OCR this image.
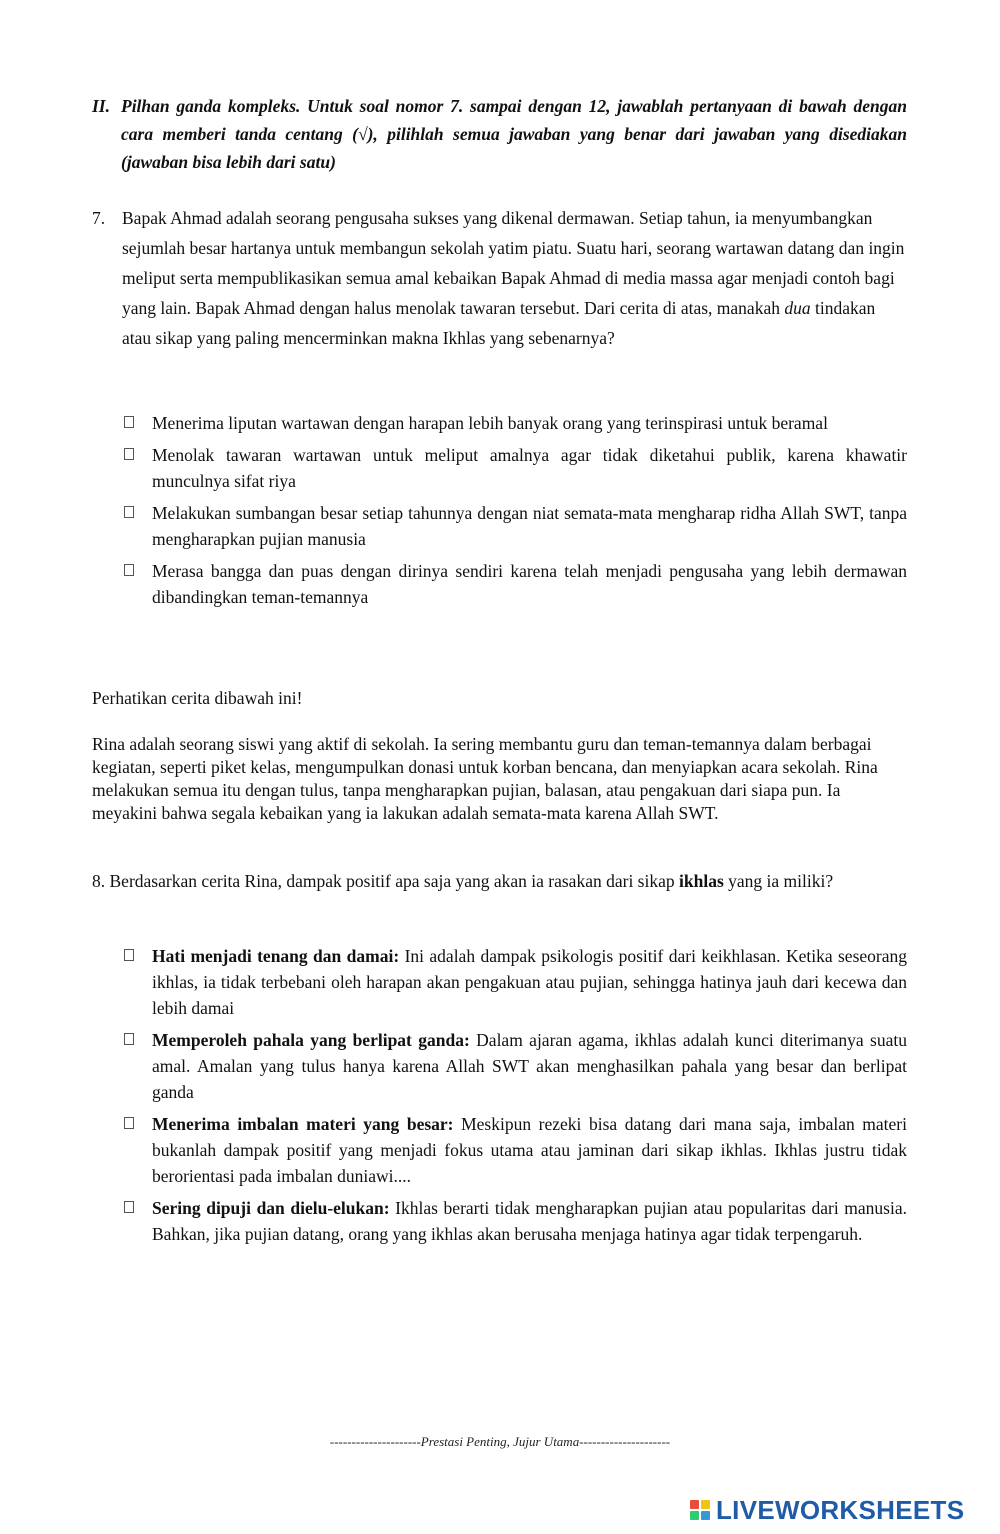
II. Pilhan ganda kompleks. Untuk soal nomor 7. sampai dengan 12, jawablah pertanyaan di bawah dengan cara memberi tanda centang (√), pilihlah semua jawaban yang benar dari jawaban yang disediakan (jawaban bisa lebih dari satu)
7. Bapak Ahmad adalah seorang pengusaha sukses yang dikenal dermawan. Setiap tahun, ia menyumbangkan sejumlah besar hartanya untuk membangun sekolah yatim piatu. Suatu hari, seorang wartawan datang dan ingin meliput serta mempublikasikan semua amal kebaikan Bapak Ahmad di media massa agar menjadi contoh bagi yang lain. Bapak Ahmad dengan halus menolak tawaran tersebut. Dari cerita di atas, manakah dua tindakan atau sikap yang paling mencerminkan makna Ikhlas yang sebenarnya?
Menerima liputan wartawan dengan harapan lebih banyak orang yang terinspirasi untuk beramal
Menolak tawaran wartawan untuk meliput amalnya agar tidak diketahui publik, karena khawatir munculnya sifat riya
Melakukan sumbangan besar setiap tahunnya dengan niat semata-mata mengharap ridha Allah SWT, tanpa mengharapkan pujian manusia
Merasa bangga dan puas dengan dirinya sendiri karena telah menjadi pengusaha yang lebih dermawan dibandingkan teman-temannya
Perhatikan cerita dibawah ini!
Rina adalah seorang siswi yang aktif di sekolah. Ia sering membantu guru dan teman-temannya dalam berbagai kegiatan, seperti piket kelas, mengumpulkan donasi untuk korban bencana, dan menyiapkan acara sekolah. Rina melakukan semua itu dengan tulus, tanpa mengharapkan pujian, balasan, atau pengakuan dari siapa pun. Ia meyakini bahwa segala kebaikan yang ia lakukan adalah semata-mata karena Allah SWT.
8. Berdasarkan cerita Rina, dampak positif apa saja yang akan ia rasakan dari sikap ikhlas yang ia miliki?
Hati menjadi tenang dan damai: Ini adalah dampak psikologis positif dari keikhlasan. Ketika seseorang ikhlas, ia tidak terbebani oleh harapan akan pengakuan atau pujian, sehingga hatinya jauh dari kecewa dan lebih damai
Memperoleh pahala yang berlipat ganda: Dalam ajaran agama, ikhlas adalah kunci diterimanya suatu amal. Amalan yang tulus hanya karena Allah SWT akan menghasilkan pahala yang besar dan berlipat ganda
Menerima imbalan materi yang besar: Meskipun rezeki bisa datang dari mana saja, imbalan materi bukanlah dampak positif yang menjadi fokus utama atau jaminan dari sikap ikhlas. Ikhlas justru tidak berorientasi pada imbalan duniawi....
Sering dipuji dan dielu-elukan: Ikhlas berarti tidak mengharapkan pujian atau popularitas dari manusia. Bahkan, jika pujian datang, orang yang ikhlas akan berusaha menjaga hatinya agar tidak terpengaruh.
---------------------Prestasi Penting, Jujur Utama---------------------
LIVEWORKSHEETS
